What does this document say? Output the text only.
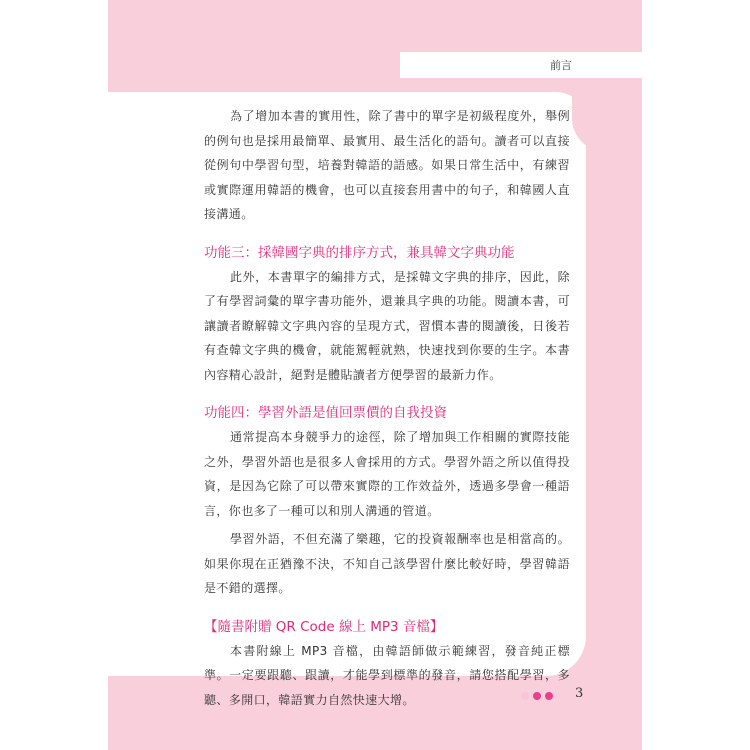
前言

為了增加本書的實用性，除了書中的單字是初級程度外，舉例的例句也是採用最簡單、最實用、最生活化的語句。讀者可以直接從例句中學習句型，培養對韓語的語感。如果日常生活中，有練習或實際運用韓語的機會，也可以直接套用書中的句子，和韓國人直接溝通。

功能三：採韓國字典的排序方式，兼具韓文字典功能

此外，本書單字的編排方式，是採韓文字典的排序，因此，除了有學習詞彙的單字書功能外，還兼具字典的功能。閱讀本書，可讓讀者瞭解韓文字典內容的呈現方式，習慣本書的閱讀後，日後若有查韓文字典的機會，就能駕輕就熟，快速找到你要的生字。本書內容精心設計，絕對是體貼讀者方便學習的最新力作。

功能四：學習外語是值回票價的自我投資

通常提高本身競爭力的途徑，除了增加與工作相關的實際技能之外，學習外語也是很多人會採用的方式。學習外語之所以值得投資，是因為它除了可以帶來實際的工作效益外，透過多學會一種語言，你也多了一種可以和別人溝通的管道。

學習外語，不但充滿了樂趣，它的投資報酬率也是相當高的。如果你現在正猶豫不決，不知自己該學習什麼比較好時，學習韓語是不錯的選擇。

【隨書附贈 QR Code 線上 MP3 音檔】

本書附線上 MP3 音檔，由韓語師做示範練習，發音純正標準。一定要跟聽、跟讀，才能學到標準的發音，請您搭配學習，多聽、多開口，韓語實力自然快速大增。	3
